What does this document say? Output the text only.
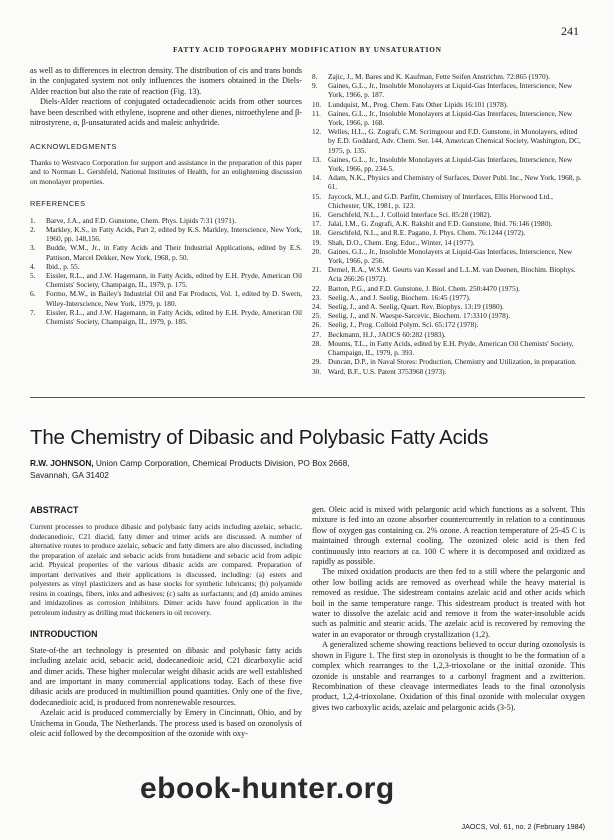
241
FATTY ACID TOPOGRAPHY MODIFICATION BY UNSATURATION

as well as to differences in electron density. The distribution of cis and trans bonds in the conjugated system not only influences the isomers obtained in the Diels-Alder reaction but also the rate of reaction (Fig. 13).

Diels-Alder reactions of conjugated octadecadienoic acids from other sources have been described with ethylene, isoprene and other dienes, nitroethylene and β-nitrostyrene, α, β-unsaturated acids and maleic anhydride.

ACKNOWLEDGMENTS

Thanks to Westvaco Corporation for support and assistance in the preparation of this paper and to Norman L. Gershfeld, National Institutes of Health, for an enlightening discussion on monolayer properties.

REFERENCES

1.	Barve, J.A., and F.D. Gunstone, Chem. Phys. Lipids 7:31 (1971).
2.	Markley, K.S., in Fatty Acids, Part 2, edited by K.S. Markley, Interscience, New York, 1960, pp. 148,156.
3.	Budde, W.M., Jr., in Fatty Acids and Their Industrial Applications, edited by E.S. Pattison, Marcel Dekker, New York, 1968, p. 50.
4.	Ibid., p. 55.
5.	Eissler, R.L., and J.W. Hagemann, in Fatty Acids, edited by E.H. Pryde, American Oil Chemists' Society, Champaign, IL, 1979, p. 175.
6.	Formo, M.W., in Bailey's Industrial Oil and Fat Products, Vol. 1, edited by D. Swern, Wiley-Interscience, New York, 1979, p. 180.
7.	Eissler, R.L., and J.W. Hagemann, in Fatty Acids, edited by E.H. Pryde, American Oil Chemists' Society, Champaign, IL, 1979, p. 185.
8.	Zajic, J., M. Bares and K. Kaufman, Fette Seifen Anstrichm. 72:865 (1970).
9.	Gaines, G.L., Jr., Insoluble Monolayers at Liquid-Gas Interfaces, Interscience, New York, 1966, p. 187.
10. Lundquist, M., Prog. Chem. Fats Other Lipids 16:101 (1978).
11. Gaines, G.L., Jr., Insoluble Monolayers at Liquid-Gas Interfaces, Interscience, New York, 1966, p. 168.
12. Welles, H.L., G. Zografi, C.M. Scrimgeour and F.D. Gunstone, in Monolayers, edited by E.D. Goddard, Adv. Chem. Ser. 144, American Chemical Society, Washington, DC, 1975, p. 135.
13. Gaines, G.L., Jr., Insoluble Monolayers at Liquid-Gas Interfaces, Interscience, New York, 1966, pp. 234-5.
14. Adam, N.K., Physics and Chemistry of Surfaces, Dover Publ. Inc., New York, 1968, p. 61.
15. Jaycock, M.J., and G.D. Parfitt, Chemistry of Interfaces, Ellis Horwood Ltd., Chichester, UK, 1981, p. 123.
16. Gerschfeld, N.L., J. Colloid Interface Sci. 85:28 (1982).
17. Jalal, I.M., G. Zografi, A.K. Rakshit and F.D. Gunstone, Ibid. 76:146 (1980).
18. Gerschfeld, N.L., and R.E. Pagano, J. Phys. Chem. 76:1244 (1972).
19. Shah, D.O., Chem. Eng. Educ., Winter, 14 (1977).
20. Gaines, G.L., Jr., Insoluble Monolayers at Liquid-Gas Interfaces, Interscience, New York, 1966, p. 256.
21. Demel, R.A., W.S.M. Geurts van Kessel and L.L.M. van Deenen, Biochim. Biophys. Acta 266:26 (1972).
22. Barton, P.G., and F.D. Gunstone, J. Biol. Chem. 250:4470 (1975).
23. Seelig, A., and J. Seelig, Biochem. 16:45 (1977).
24. Seelig, J., and A. Seelig, Quart. Rev. Biophys. 13:19 (1980).
25. Seelig, J., and N. Waespe-Sarcevic, Biochem. 17:3310 (1978).
26. Seelig, J., Prog. Colloid Polym. Sci. 65:172 (1978).
27. Beckmann, H.J., JAOCS 60:282 (1983).
28. Mounts, T.L., in Fatty Acids, edited by E.H. Pryde, American Oil Chemists' Society, Champaign, IL, 1979, p. 393.
29. Duncan, D.P., in Naval Stores: Production, Chemistry and Utilization, in preparation.
30. Ward, B.F., U.S. Patent 3753968 (1973).
The Chemistry of Dibasic and Polybasic Fatty Acids
R.W. JOHNSON, Union Camp Corporation, Chemical Products Division, PO Box 2668,
Savannah, GA 31402

ABSTRACT

Current processes to produce dibasic and polybasic fatty acids including azelaic, sebacic, dodecanedioic, C21 diacid, fatty dimer and trimer acids are discussed. A number of alternative routes to produce azelaic, sebacic and fatty dimers are also discussed, including the preparation of azelaic and sebacic acids from butadiene and sebacic acid from adipic acid. Physical properties of the various dibasic acids are compared. Preparation of important derivatives and their applications is discussed, including: (a) esters and polyesters as vinyl plasticizers and as base stocks for synthetic lubricants; (b) polyamide resins in coatings, fibers, inks and adhesives; (c) salts as surfactants; and (d) amido amines and imidazolines as corrosion inhibitors. Dimer acids have found application in the petroleum industry as drilling mud thickeners in oil recovery.

INTRODUCTION

State-of-the art technology is presented on dibasic and polybasic fatty acids including azelaic acid, sebacic acid, dodecanedioic acid, C21 dicarboxylic acid and dimer acids. These higher molecular weight dibasic acids are well established and are important in many commercial applications today. Each of these five dibasic acids are produced in multimillion pound quantities. Only one of the five, dodecanedioic acid, is produced from nonrenewable resources.

Azelaic acid is produced commercially by Emery in Cincinnati, Ohio, and by Unichema in Gouda, The Netherlands. The process used is based on ozonolysis of oleic acid followed by the decomposition of the ozonide with oxy-

gen. Oleic acid is mixed with pelargonic acid which functions as a solvent. This mixture is fed into an ozone absorber countercurrently in relation to a continuous flow of oxygen gas containing ca. 2% ozone. A reaction temperature of 25-45 C is maintained through external cooling. The ozonized oleic acid is then fed continuously into reactors at ca. 100 C where it is decomposed and oxidized as rapidly as possible.

The mixed oxidation products are then fed to a still where the pelargonic and other low boiling acids are removed as overhead while the heavy material is removed as residue. The sidestream contains azelaic acid and other acids which boil in the same temperature range. This sidestream product is treated with hot water to dissolve the azelaic acid and remove it from the water-insoluble acids such as palmitic and stearic acids. The azelaic acid is recovered by removing the water in an evaporator or through crystallization (1,2).

A generalized scheme showing reactions believed to occur during ozonolysis is shown in Figure 1. The first step in ozonolysis is thought to be the formation of a complex which rearranges to the 1,2,3-trioxolane or the initial ozonide. This ozonide is unstable and rearranges to a carbonyl fragment and a zwitterion. Recombination of these cleavage intermediates leads to the final ozonolysis product, 1,2,4-trioxolane. Oxidation of this final ozonide with molecular oxygen gives two carboxylic acids, azelaic and pelargonic acids (3-5).

ebook-hunter.org
JAOCS, Vol. 61, no. 2 (February 1984)
